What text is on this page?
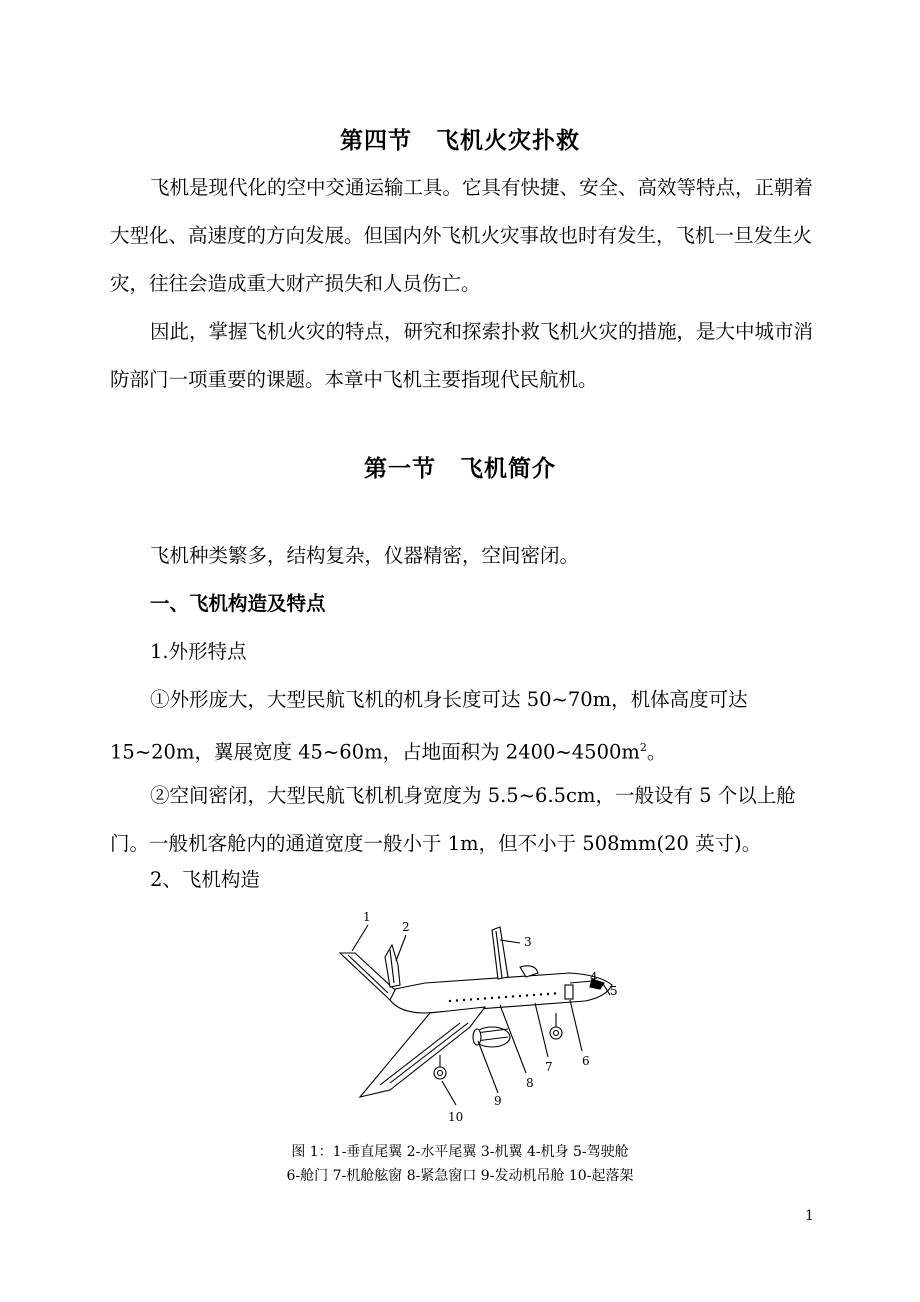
第四节　飞机火灾扑救

飞机是现代化的空中交通运输工具。它具有快捷、安全、高效等特点，正朝着大型化、高速度的方向发展。但国内外飞机火灾事故也时有发生，飞机一旦发生火灾，往往会造成重大财产损失和人员伤亡。

因此，掌握飞机火灾的特点，研究和探索扑救飞机火灾的措施，是大中城市消防部门一项重要的课题。本章中飞机主要指现代民航机。

第一节　飞机简介

飞机种类繁多，结构复杂，仪器精密，空间密闭。

一、飞机构造及特点

1.外形特点

①外形庞大，大型民航飞机的机身长度可达 50~70m，机体高度可达 15~20m，翼展宽度 45~60m，占地面积为 $2400\sim 4500m^2$。

②空间密闭，大型民航飞机机身宽度为 5.5~6.5cm，一般设有 5 个以上舱门。一般机客舱内的通道宽度一般小于 1m，但不小于 508mm(20 英寸)。

2、飞机构造

1
2
3
4
5
6
7
8
9
10
图 1：1-垂直尾翼 2-水平尾翼 3-机翼 4-机身 5-驾驶舱
6-舱门 7-机舱舷窗 8-紧急窗口 9-发动机吊舱 10-起落架
1
